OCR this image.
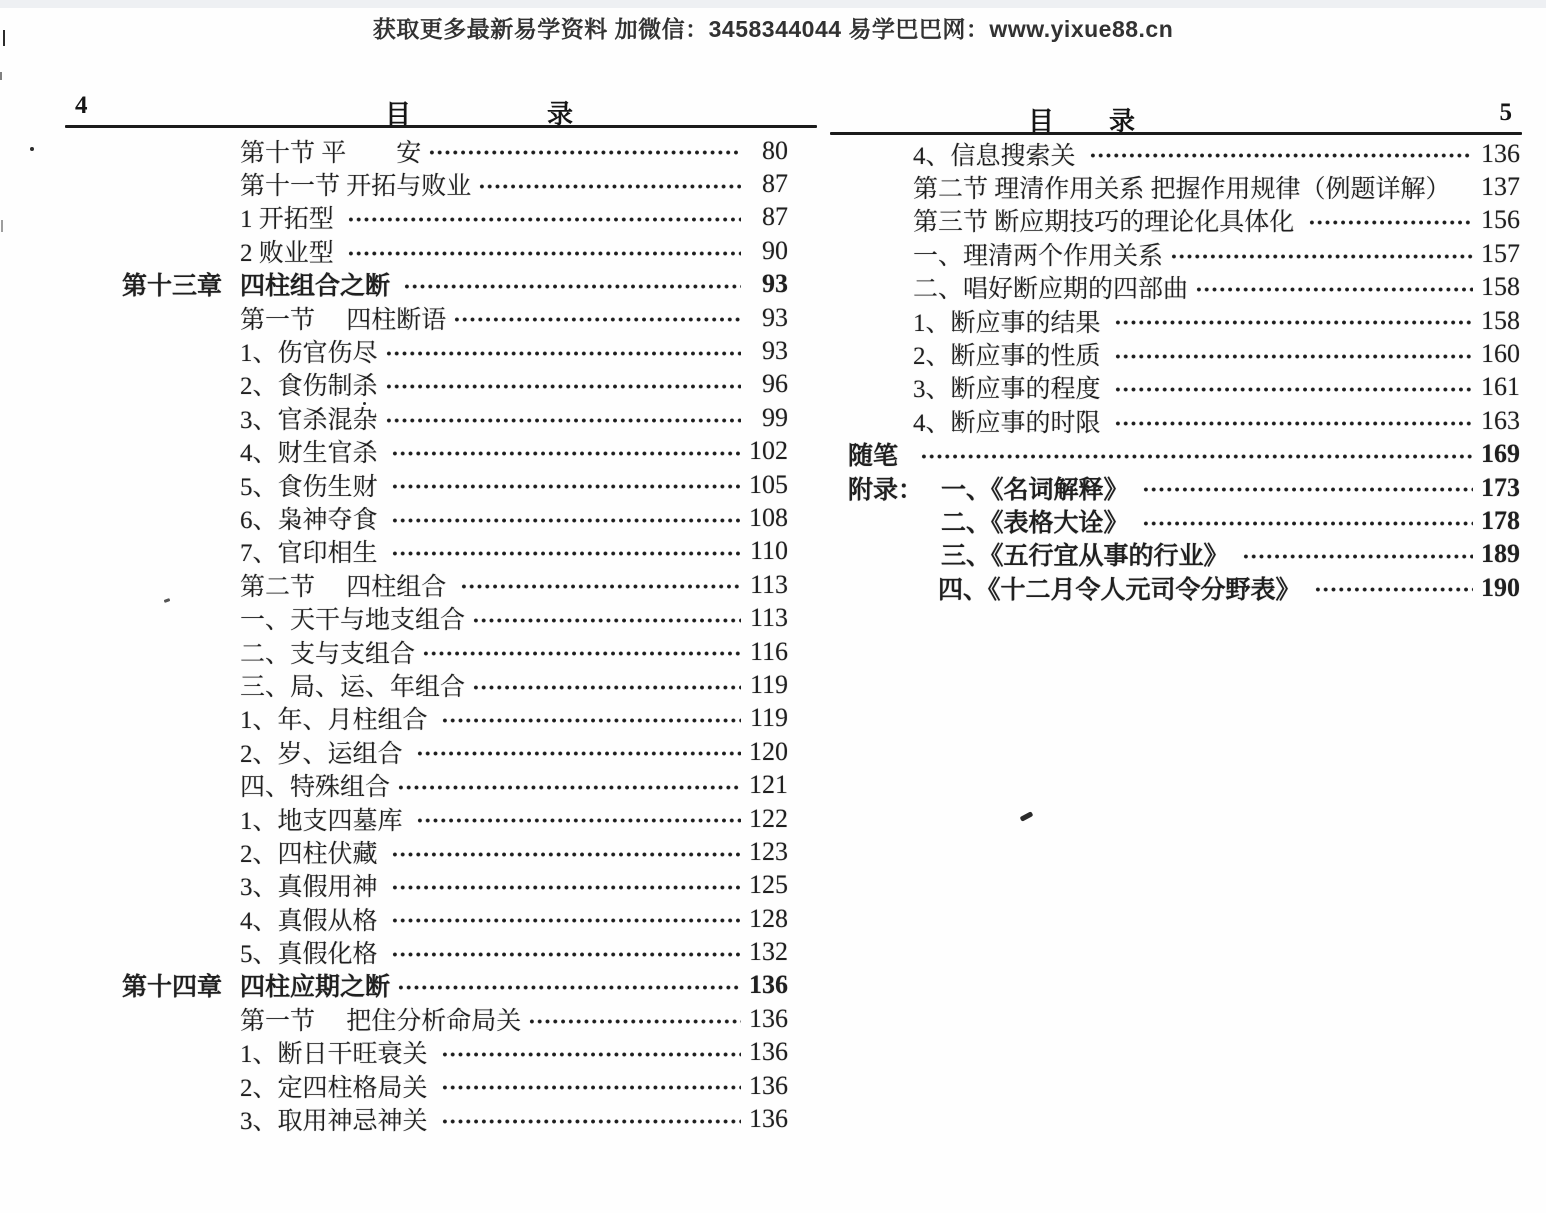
获取更多最新易学资料 加微信：3458344044 易学巴巴网：www.yixue88.cn
4	目　　　　　录
第十节 平　　安	80
第十一节 开拓与败业	87
1 开拓型	87
2 败业型	90
第十三章 四柱组合之断	93
第一节　 四柱断语	93
1、伤官伤尽	93
2、食伤制杀	96
3、官杀混杂	99
4、财生官杀	102
5、食伤生财	105
6、枭神夺食	108
7、官印相生	110
第二节　 四柱组合	113
一、天干与地支组合	113
二、支与支组合	116
三、局、运、年组合	119
1、年、月柱组合	119
2、岁、运组合	120
四、特殊组合	121
1、地支四墓库	122
2、四柱伏藏	123
3、真假用神	125
4、真假从格	128
5、真假化格	132
第十四章 四柱应期之断	136
第一节　 把住分析命局关	136
1、断日干旺衰关	136
2、定四柱格局关	136
3、取用神忌神关	136
目　　录	5
4、信息搜索关	136
第二节 理清作用关系 把握作用规律（例题详解） 137
第三节 断应期技巧的理论化具体化	156
一、理清两个作用关系	157
二、唱好断应期的四部曲	158
1、断应事的结果	158
2、断应事的性质	160
3、断应事的程度	161
4、断应事的时限	163
随笔	169
附录： 一、《名词解释》	173
二、《表格大诠》	178
三、《五行宜从事的行业》	189
四、《十二月令人元司令分野表》	190
